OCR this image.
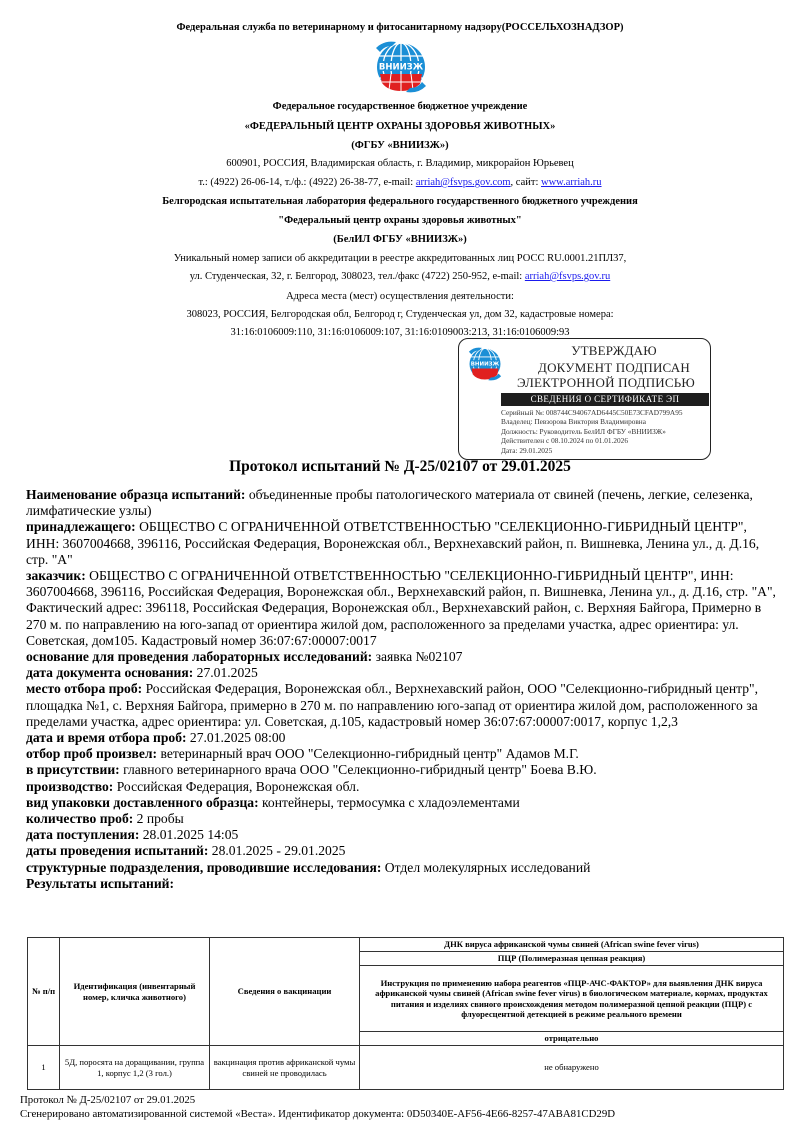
Федеральная служба по ветеринарному и фитосанитарному надзору(РОССЕЛЬХОЗНАДЗОР)
ВНИИЗЖ
Федеральное государственное бюджетное учреждение
«ФЕДЕРАЛЬНЫЙ ЦЕНТР ОХРАНЫ ЗДОРОВЬЯ ЖИВОТНЫХ»
(ФГБУ «ВНИИЗЖ»)
600901, РОССИЯ, Владимирская область, г. Владимир, микрорайон Юрьевец
т.: (4922) 26-06-14, т./ф.: (4922) 26-38-77, e-mail: arriah@fsvps.gov.com, сайт: www.arriah.ru
Белгородская испытательная лаборатория федерального государственного бюджетного учреждения
"Федеральный центр охраны здоровья животных"
(БелИЛ ФГБУ «ВНИИЗЖ»)
Уникальный номер записи об аккредитации в реестре аккредитованных лиц РОСС RU.0001.21ПЛ37,
ул. Студенческая, 32, г. Белгород, 308023, тел./факс (4722) 250-952, e-mail: arriah@fsvps.gov.ru
Адреса места (мест) осуществления деятельности:
308023, РОССИЯ, Белгородская обл, Белгород г, Студенческая ул, дом 32, кадастровые номера:
31:16:0106009:110, 31:16:0106009:107, 31:16:0109003:213, 31:16:0106009:93
ВНИИЗЖ
УТВЕРЖДАЮ
ДОКУМЕНТ ПОДПИСАН
ЭЛЕКТРОННОЙ ПОДПИСЬЮ
СВЕДЕНИЯ О СЕРТИФИКАТЕ ЭП
Серийный №: 008744C94067AD6445C50E73CFAD799A95
Владелец: Певзорова Виктория Владимировна
Должность: Руководитель БелИЛ ФГБУ «ВНИИЗЖ»
Действителен с 08.10.2024 по 01.01.2026
Дата: 29.01.2025
Протокол испытаний № Д-25/02107 от 29.01.2025

Наименование образца испытаний: объединенные пробы патологического материала от свиней (печень, легкие, селезенка, лимфатические узлы)

принадлежащего: ОБЩЕСТВО С ОГРАНИЧЕННОЙ ОТВЕТСТВЕННОСТЬЮ "СЕЛЕКЦИОННО-ГИБРИДНЫЙ ЦЕНТР", ИНН: 3607004668, 396116, Российская Федерация, Воронежская обл., Верхнехавский район, п. Вишневка, Ленина ул., д. Д.16, стр. "А"

заказчик: ОБЩЕСТВО С ОГРАНИЧЕННОЙ ОТВЕТСТВЕННОСТЬЮ "СЕЛЕКЦИОННО-ГИБРИДНЫЙ ЦЕНТР", ИНН: 3607004668, 396116, Российская Федерация, Воронежская обл., Верхнехавский район, п. Вишневка, Ленина ул., д. Д.16, стр. "А", Фактический адрес: 396118, Российская Федерация, Воронежская обл., Верхнехавский район, с. Верхняя Байгора, Примерно в 270 м. по направлению на юго-запад от ориентира жилой дом, расположенного за пределами участка, адрес ориентира: ул. Советская, дом105. Кадастровый номер 36:07:67:00007:0017

основание для проведения лабораторных исследований: заявка №02107

дата документа основания: 27.01.2025

место отбора проб: Российская Федерация, Воронежская обл., Верхнехавский район, ООО "Селекционно-гибридный центр", площадка №1, с. Верхняя Байгора, примерно в 270 м. по направлению юго-запад от ориентира жилой дом, расположенного за пределами участка, адрес ориентира: ул. Советская, д.105, кадастровый номер 36:07:67:00007:0017, корпус 1,2,3

дата и время отбора проб: 27.01.2025 08:00

отбор проб произвел: ветеринарный врач ООО "Селекционно-гибридный центр" Адамов М.Г.

в присутствии: главного ветеринарного врача ООО "Селекционно-гибридный центр" Боева В.Ю.

производство: Российская Федерация, Воронежская обл.

вид упаковки доставленного образца: контейнеры, термосумка с хладоэлементами

количество проб: 2 пробы

дата поступления: 28.01.2025 14:05

даты проведения испытаний: 28.01.2025 - 29.01.2025

структурные подразделения, проводившие исследования: Отдел молекулярных исследований

Результаты испытаний:

№ п/п	Идентификация (инвентарный номер, кличка животного)	Сведения о вакцинации	ДНК вируса африканской чумы свиней (African swine fever virus)
			ПЦР (Полимеразная цепная реакция)
			Инструкция по применению набора реагентов «ПЦР-АЧС-ФАКТОР» для выявления ДНК вируса африканской чумы свиней (African swine fever virus) в биологическом материале, кормах, продуктах питания и изделиях свиного происхождения методом полимеразной цепной реакции (ПЦР) с флуоресцентной детекцией в режиме реального времени
			отрицательно
1	5Д, поросята на доращивании, группа 1, корпус 1,2 (3 гол.)	вакцинация против африканской чумы свиней не проводилась	не обнаружено
Протокол № Д-25/02107 от 29.01.2025
Сгенерировано автоматизированной системой «Веста». Идентификатор документа: 0D50340E-AF56-4E66-8257-47ABA81CD29D
